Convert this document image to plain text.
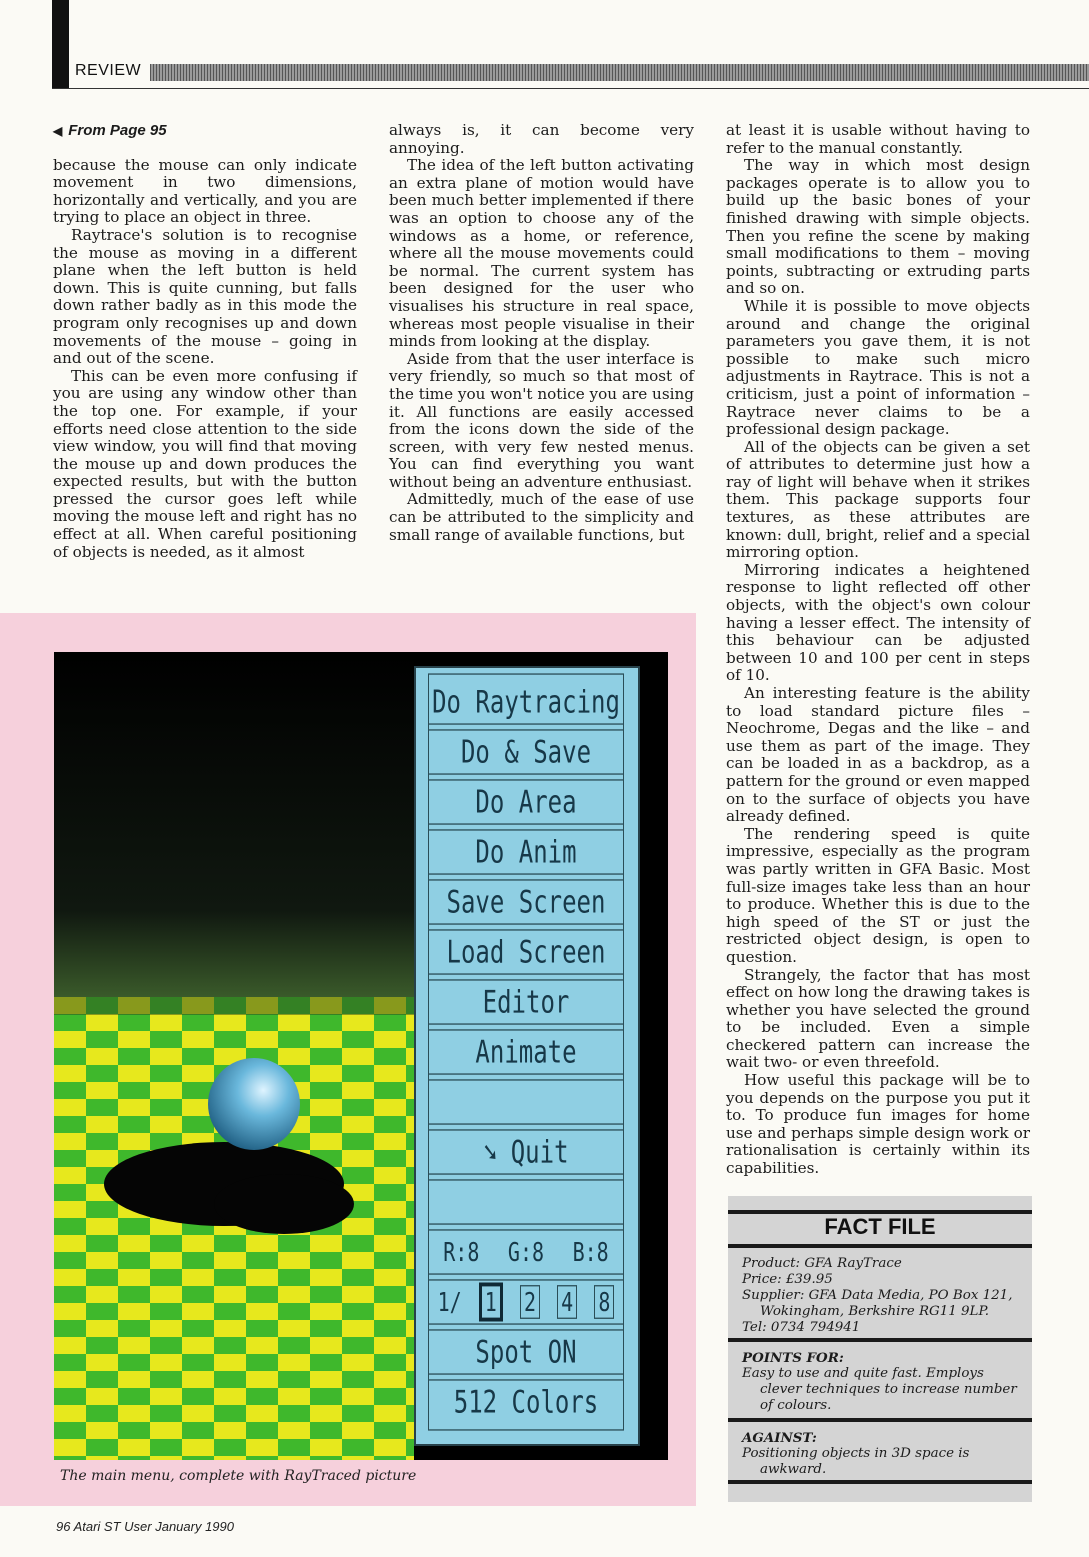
REVIEW
◀ From Page 95

because the mouse can only indicate movement in two dimensions, horizontally and vertically, and you are trying to place an object in three.

Raytrace's solution is to recognise the mouse as moving in a different plane when the left button is held down. This is quite cunning, but falls down rather badly as in this mode the program only recognises up and down movements of the mouse – going in and out of the scene.

This can be even more confusing if you are using any window other than the top one. For example, if your efforts need close attention to the side view window, you will find that moving the mouse up and down produces the expected results, but with the button pressed the cursor goes left while moving the mouse left and right has no effect at all. When careful positioning of objects is needed, as it almost

always is, it can become very annoying.

The idea of the left button activating an extra plane of motion would have been much better implemented if there was an option to choose any of the windows as a home, or reference, where all the mouse movements could be normal. The current system has been designed for the user who visualises his structure in real space, whereas most people visualise in their minds from looking at the display.

Aside from that the user interface is very friendly, so much so that most of the time you won't notice you are using it. All functions are easily accessed from the icons down the side of the screen, with very few nested menus. You can find everything you want without being an adventure enthusiast.

Admittedly, much of the ease of use can be attributed to the simplicity and small range of available functions, but

at least it is usable without having to refer to the manual constantly.

The way in which most design packages operate is to allow you to build up the basic bones of your finished drawing with simple objects. Then you refine the scene by making small modifications to them – moving points, subtracting or extruding parts and so on.

While it is possible to move objects around and change the original parameters you gave them, it is not possible to make such micro adjustments in Raytrace. This is not a criticism, just a point of information – Raytrace never claims to be a professional design package.

All of the objects can be given a set of attributes to determine just how a ray of light will behave when it strikes them. This package supports four textures, as these attributes are known: dull, bright, relief and a special mirroring option.

Mirroring indicates a heightened response to light reflected off other objects, with the object's own colour having a lesser effect. The intensity of this behaviour can be adjusted between 10 and 100 per cent in steps of 10.

An interesting feature is the ability to load standard picture files – Neochrome, Degas and the like – and use them as part of the image. They can be loaded in as a backdrop, as a pattern for the ground or even mapped on to the surface of objects you have already defined.

The rendering speed is quite impressive, especially as the program was partly written in GFA Basic. Most full-size images take less than an hour to produce. Whether this is due to the high speed of the ST or just the restricted object design, is open to question.

Strangely, the factor that has most effect on how long the drawing takes is whether you have selected the ground to be included. Even a simple checkered pattern can increase the wait two- or even threefold.

How useful this package will be to you depends on the purpose you put it to. To produce fun images for home use and perhaps simple design work or rationalisation is certainly within its capabilities.

Do Raytracing
Do & Save
Do Area
Do Anim
Save Screen
Load Screen
Editor
Animate
➘ Quit
R:8 G:8 B:8
1/	1	2 4 8
Spot ON
512 Colors
The main menu, complete with RayTraced picture
FACT FILE
Product: GFA RayTrace
Price: £39.95
Supplier: GFA Data Media, PO Box 121,
Wokingham, Berkshire RG11 9LP.
Tel: 0734 794941
POINTS FOR:
Easy to use and quite fast. Employs clever techniques to increase number of colours.
AGAINST:
Positioning objects in 3D space is awkward.
96 Atari ST User January 1990
